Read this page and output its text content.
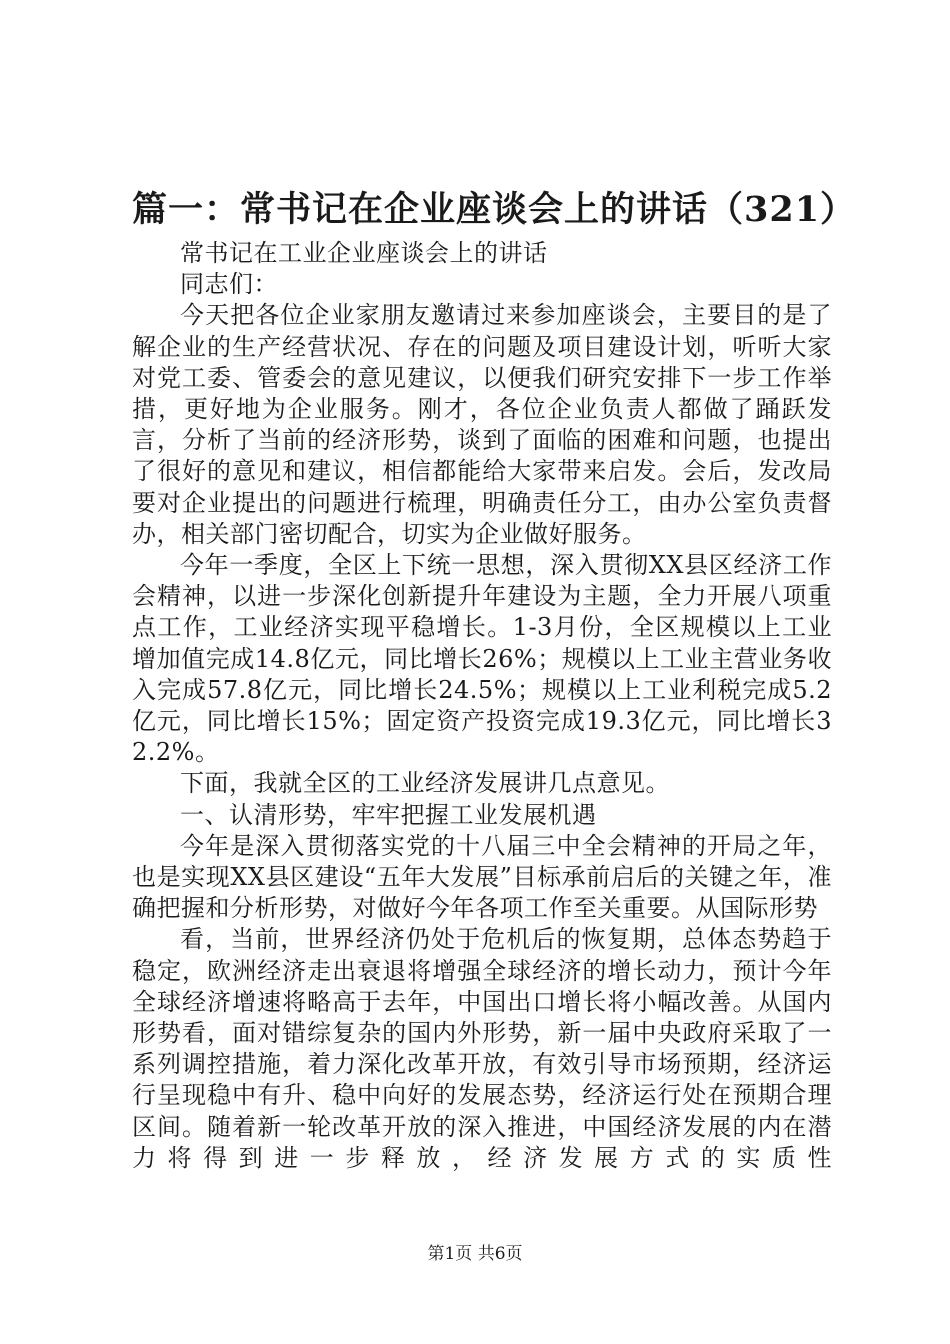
篇一：常书记在企业座谈会上的讲话（321）

常书记在工业企业座谈会上的讲话

同志们：

今天把各位企业家朋友邀请过来参加座谈会，主要目的是了解企业的生产经营状况、存在的问题及项目建设计划，听听大家对党工委、管委会的意见建议，以便我们研究安排下一步工作举措，更好地为企业服务。刚才，各位企业负责人都做了踊跃发言，分析了当前的经济形势，谈到了面临的困难和问题，也提出了很好的意见和建议，相信都能给大家带来启发。会后，发改局要对企业提出的问题进行梳理，明确责任分工，由办公室负责督办，相关部门密切配合，切实为企业做好服务。

今年一季度，全区上下统一思想，深入贯彻XX县区经济工作会精神，以进一步深化创新提升年建设为主题，全力开展八项重点工作，工业经济实现平稳增长。1-3月份，全区规模以上工业增加值完成14.8亿元，同比增长26%；规模以上工业主营业务收入完成57.8亿元，同比增长24.5%；规模以上工业利税完成5.2亿元，同比增长15%；固定资产投资完成19.3亿元，同比增长32.2%。

下面，我就全区的工业经济发展讲几点意见。

一、认清形势，牢牢把握工业发展机遇

今年是深入贯彻落实党的十八届三中全会精神的开局之年，也是实现XX县区建设“五年大发展”目标承前启后的关键之年，准确把握和分析形势，对做好今年各项工作至关重要。从国际形势

看，当前，世界经济仍处于危机后的恢复期，总体态势趋于稳定，欧洲经济走出衰退将增强全球经济的增长动力，预计今年全球经济增速将略高于去年，中国出口增长将小幅改善。从国内形势看，面对错综复杂的国内外形势，新一届中央政府采取了一系列调控措施，着力深化改革开放，有效引导市场预期，经济运行呈现稳中有升、稳中向好的发展态势，经济运行处在预期合理区间。随着新一轮改革开放的深入推进，中国经济发展的内在潜力将得到进一步释放，经济发展方式的实质性

第1页 共6页
